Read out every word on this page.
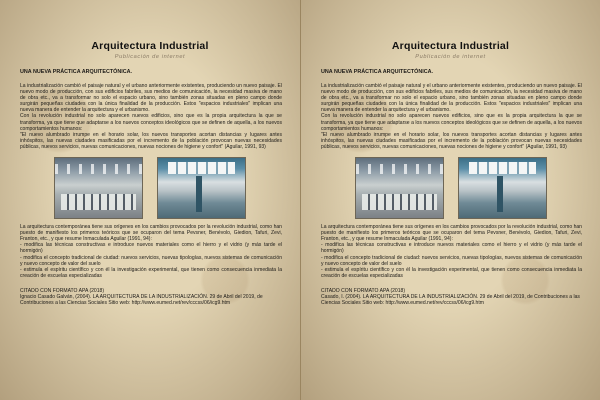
Arquitectura Industrial
Publicación de internet
UNA NUEVA PRÁCTICA ARQUITECTÓNICA.

La industrialización cambió el paisaje natural y el urbano anteriormente existentes, produciendo un nuevo paisaje. El nuevo modo de producción, con sus edificios fabriles, sus medios de comunicación, la necesidad masiva de mano de obra etc., va a transformar no solo el espacio urbano, sino también zonas situadas en pleno campo donde surgirán pequeñas ciudades con la única finalidad de la producción. Estos "espacios industriales" implican una nueva manera de entender la arquitectura y el urbanismo.

Con la revolución industrial no solo aparecen nuevos edificios, sino que es la propia arquitectura la que se transforma, ya que tiene que adaptarse a los nuevos conceptos ideológicos que se definen de aquella, a los nuevos comportamientos humanos:

"El nuevo alumbrado irrumpe en el horario solar, los nuevos transportes acortan distancias y lugares antes inhóspitos, las nuevas ciudades masificadas por el incremento de la población provocan nuevas necesidades públicas, nuevos servicios, nuevas comunicaciones, nuevas nociones de higiene y confort" (Aguilar, 1991, 93)

La arquitectura contemporánea tiene sus orígenes en los cambios provocados por la revolución industrial, como han puesto de manifiesto los primeros teóricos que se ocuparon del tema Pevsner, Benévolo, Giedion, Tafuri, Zevi, Franton, etc., y que resume Inmaculada Aguilar (1991, 94):

- modifica las técnicas constructivas e introduce nuevos materiales como el hierro y el vidrio (y más tarde el hormigón)

- modifica el concepto tradicional de ciudad: nuevos servicios, nuevas tipologías, nuevos sistemas de comunicación y nuevo concepto de valor del suelo

- estimula el espíritu científico y con él la investigación experimental, que tienen como consecuencia inmediata la creación de escuelas especializadas

CITADO CON FORMATO APA (2018)

Ignacio Casado Galván, (2004). LA ARQUITECTURA DE LA INDUSTRIALIZACIÓN. 29 de Abril del 2019, de Contribuciones a las Ciencias Sociales Sitio web: http://www.eumed.net/rev/cccss/06/icg9.htm

Arquitectura Industrial
Publicación de internet
UNA NUEVA PRÁCTICA ARQUITECTÓNICA.

La industrialización cambió el paisaje natural y el urbano anteriormente existentes, produciendo un nuevo paisaje. El nuevo modo de producción, con sus edificios fabriles, sus medios de comunicación, la necesidad masiva de mano de obra etc., va a transformar no solo el espacio urbano, sino también zonas situadas en pleno campo donde surgirán pequeñas ciudades con la única finalidad de la producción. Estos "espacios industriales" implican una nueva manera de entender la arquitectura y el urbanismo.

Con la revolución industrial no solo aparecen nuevos edificios, sino que es la propia arquitectura la que se transforma, ya que tiene que adaptarse a los nuevos conceptos ideológicos que se definen de aquella, a los nuevos comportamientos humanos:

"El nuevo alumbrado irrumpe en el horario solar, los nuevos transportes acortan distancias y lugares antes inhóspitos, las nuevas ciudades masificadas por el incremento de la población provocan nuevas necesidades públicas, nuevos servicios, nuevas comunicaciones, nuevas nociones de higiene y confort" (Aguilar, 1991, 93)

La arquitectura contemporánea tiene sus orígenes en los cambios provocados por la revolución industrial, como han puesto de manifiesto los primeros teóricos que se ocuparon del tema Pevsner, Benévolo, Giedion, Tafuri, Zevi, Franton, etc., y que resume Inmaculada Aguilar (1991, 94):

- modifica las técnicas constructivas e introduce nuevos materiales como el hierro y el vidrio (y más tarde el hormigón)

- modifica el concepto tradicional de ciudad: nuevos servicios, nuevas tipologías, nuevos sistemas de comunicación y nuevo concepto de valor del suelo

- estimula el espíritu científico y con él la investigación experimental, que tienen como consecuencia inmediata la creación de escuelas especializadas

CITADO CON FORMATO APA (2018)

Casado, I. (2004). LA ARQUITECTURA DE LA INDUSTRIALIZACIÓN. 29 de Abril del 2019, de Contribuciones a las Ciencias Sociales Sitio web: http://www.eumed.net/rev/cccss/06/icg9.htm
